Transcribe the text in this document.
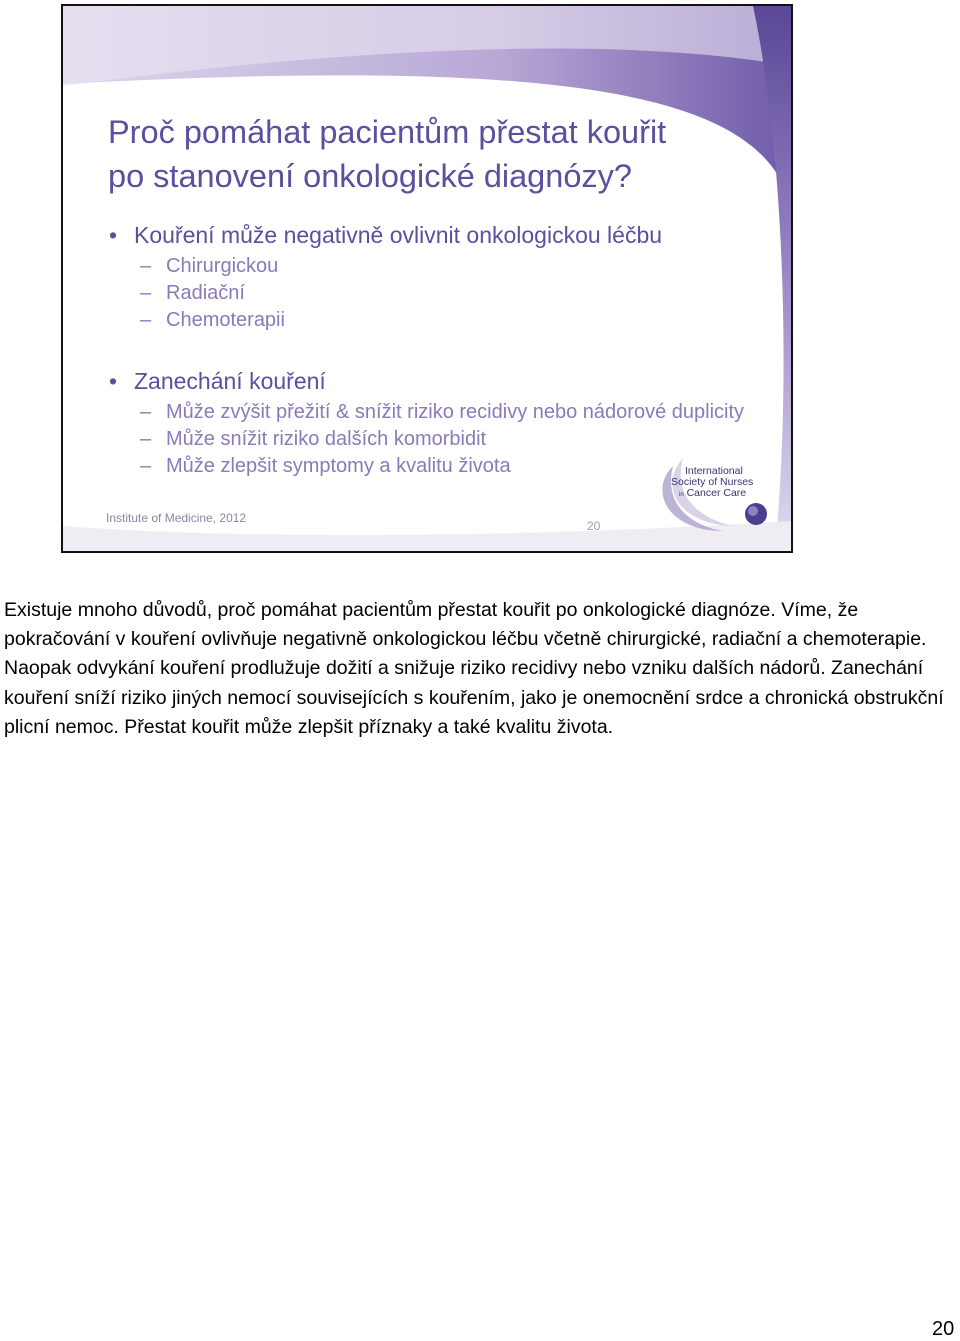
Proč pomáhat pacientům přestat kouřit
po stanovení onkologické diagnózy?
• Kouření může negativně ovlivnit onkologickou léčbu
– Chirurgickou
– Radiační
– Chemoterapii
• Zanechání kouření
– Může zvýšit přežití & snížit riziko recidivy nebo nádorové duplicity
– Může snížit riziko dalších komorbidit
– Může zlepšit symptomy a kvalitu života
Institute of Medicine, 2012
20
International
Society of Nurses
in Cancer Care

Existuje mnoho důvodů, proč pomáhat pacientům přestat kouřit po onkologické diagnóze. Víme, že pokračování v kouření ovlivňuje negativně onkologickou léčbu včetně chirurgické, radiační a chemoterapie. Naopak odvykání kouření prodlužuje dožití a snižuje riziko recidivy nebo vzniku dalších nádorů. Zanechání kouření sníží riziko jiných nemocí souvisejících s kouřením, jako je onemocnění srdce a chronická obstrukční plicní nemoc. Přestat kouřit může zlepšit příznaky a také kvalitu života.

20
